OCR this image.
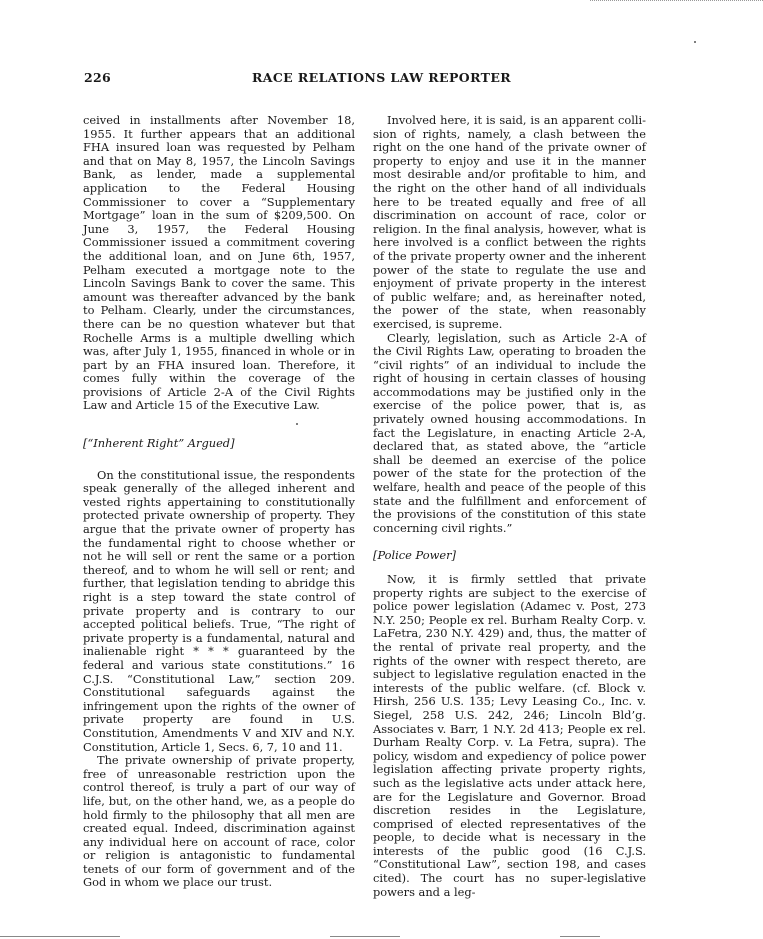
226	RACE RELATIONS LAW REPORTER

ceived in installments after November 18, 1955. It further appears that an additional FHA insured loan was requested by Pelham and that on May 8, 1957, the Lincoln Savings Bank, as lender, made a supplemental application to the Federal Housing Commissioner to cover a “Supplementary Mortgage” loan in the sum of $209,500. On June 3, 1957, the Federal Housing Commissioner issued a commitment covering the additional loan, and on June 6th, 1957, Pelham executed a mortgage note to the Lincoln Savings Bank to cover the same. This amount was thereafter advanced by the bank to Pelham. Clearly, under the circumstances, there can be no question whatever but that Rochelle Arms is a multiple dwelling which was, after July 1, 1955, financed in whole or in part by an FHA insured loan. Therefore, it comes fully within the coverage of the provisions of Article 2-A of the Civil Rights Law and Article 15 of the Executive Law.

[“Inherent Right” Argued]

On the constitutional issue, the respondents speak generally of the alleged inherent and vested rights appertaining to constitutionally protected private ownership of property. They argue that the private owner of property has the fundamental right to choose whether or not he will sell or rent the same or a portion thereof, and to whom he will sell or rent; and further, that legislation tending to abridge this right is a step toward the state control of private property and is contrary to our accepted political beliefs. True, “The right of private property is a fundamental, natural and inalienable right * * * guaranteed by the federal and various state constitutions.” 16 C.J.S. “Constitutional Law,” section 209. Constitutional safeguards against the infringement upon the rights of the owner of private property are found in U.S. Constitution, Amendments V and XIV and N.Y. Constitution, Article 1, Secs. 6, 7, 10 and 11.

The private ownership of private property, free of unreasonable restriction upon the control thereof, is truly a part of our way of life, but, on the other hand, we, as a people do hold firmly to the philosophy that all men are created equal. Indeed, discrimination against any individual here on account of race, color or religion is antagonistic to fundamental tenets of our form of government and of the God in whom we place our trust.

Involved here, it is said, is an apparent collision of rights, namely, a clash between the right on the one hand of the private owner of property to enjoy and use it in the manner most desirable and/or profitable to him, and the right on the other hand of all individuals here to be treated equally and free of all discrimination on account of race, color or religion. In the final analysis, however, what is here involved is a conflict between the rights of the private property owner and the inherent power of the state to regulate the use and enjoyment of private property in the interest of public welfare; and, as hereinafter noted, the power of the state, when reasonably exercised, is supreme.

Clearly, legislation, such as Article 2-A of the Civil Rights Law, operating to broaden the “civil rights” of an individual to include the right of housing in certain classes of housing accommodations may be justified only in the exercise of the police power, that is, as privately owned housing accommodations. In fact the Legislature, in enacting Article 2-A, declared that, as stated above, the “article shall be deemed an exercise of the police power of the state for the protection of the welfare, health and peace of the people of this state and the fulfillment and enforcement of the provisions of the constitution of this state concerning civil rights.”

[Police Power]

Now, it is firmly settled that private property rights are subject to the exercise of police power legislation (Adamec v. Post, 273 N.Y. 250; People ex rel. Burham Realty Corp. v. LaFetra, 230 N.Y. 429) and, thus, the matter of the rental of private real property, and the rights of the owner with respect thereto, are subject to legislative regulation enacted in the interests of the public welfare. (cf. Block v. Hirsh, 256 U.S. 135; Levy Leasing Co., Inc. v. Siegel, 258 U.S. 242, 246; Lincoln Bld’g. Associates v. Barr, 1 N.Y. 2d 413; People ex rel. Durham Realty Corp. v. La Fetra, supra). The policy, wisdom and expediency of police power legislation affecting private property rights, such as the legislative acts under attack here, are for the Legislature and Governor. Broad discretion resides in the Legislature, comprised of elected representatives of the people, to decide what is necessary in the interests of the public good (16 C.J.S. “Constitutional Law”, section 198, and cases cited). The court has no super-legislative powers and a leg-
